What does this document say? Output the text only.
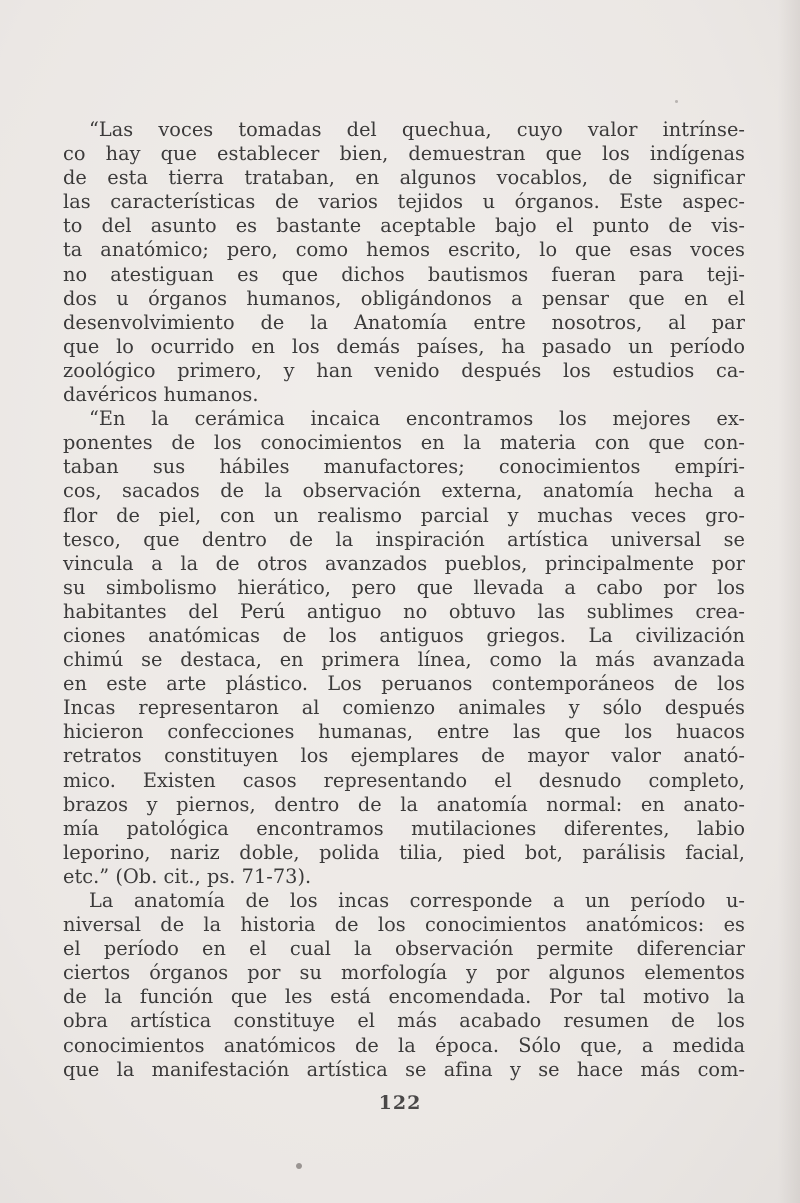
“Las voces tomadas del quechua, cuyo valor intrínse-
co hay que establecer bien, demuestran que los indígenas
de esta tierra trataban, en algunos vocablos, de significar
las características de varios tejidos u órganos. Este aspec-
to del asunto es bastante aceptable bajo el punto de vis-
ta anatómico; pero, como hemos escrito, lo que esas voces
no atestiguan es que dichos bautismos fueran para teji-
dos u órganos humanos, obligándonos a pensar que en el
desenvolvimiento de la Anatomía entre nosotros, al par
que lo ocurrido en los demás países, ha pasado un período
zoológico primero, y han venido después los estudios ca-
davéricos humanos.
“En la cerámica incaica encontramos los mejores ex-
ponentes de los conocimientos en la materia con que con-
taban sus hábiles manufactores; conocimientos empíri-
cos, sacados de la observación externa, anatomía hecha a
flor de piel, con un realismo parcial y muchas veces gro-
tesco, que dentro de la inspiración artística universal se
vincula a la de otros avanzados pueblos, principalmente por
su simbolismo hierático, pero que llevada a cabo por los
habitantes del Perú antiguo no obtuvo las sublimes crea-
ciones anatómicas de los antiguos griegos. La civilización
chimú se destaca, en primera línea, como la más avanzada
en este arte plástico. Los peruanos contemporáneos de los
Incas representaron al comienzo animales y sólo después
hicieron confecciones humanas, entre las que los huacos
retratos constituyen los ejemplares de mayor valor anató-
mico. Existen casos representando el desnudo completo,
brazos y piernos, dentro de la anatomía normal: en anato-
mía patológica encontramos mutilaciones diferentes, labio
leporino, nariz doble, polida tilia, pied bot, parálisis facial,
etc.” (Ob. cit., ps. 71-73).
La anatomía de los incas corresponde a un período u-
niversal de la historia de los conocimientos anatómicos: es
el período en el cual la observación permite diferenciar
ciertos órganos por su morfología y por algunos elementos
de la función que les está encomendada. Por tal motivo la
obra artística constituye el más acabado resumen de los
conocimientos anatómicos de la época. Sólo que, a medida
que la manifestación artística se afina y se hace más com-
122
